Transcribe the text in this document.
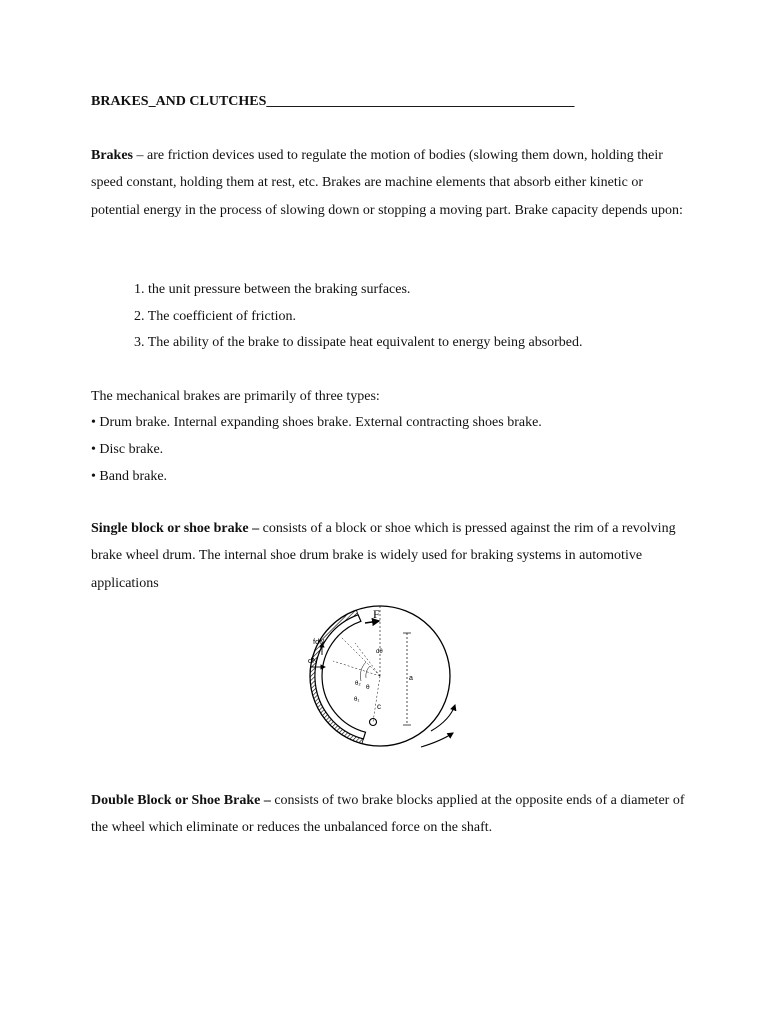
BRAKES_AND CLUTCHES____________________________________________
Brakes – are friction devices used to regulate the motion of bodies (slowing them down, holding their speed constant, holding them at rest, etc. Brakes are machine elements that absorb either kinetic or potential energy in the process of slowing down or stopping a moving part. Brake capacity depends upon:
1. the unit pressure between the braking surfaces.
2. The coefficient of friction.
3. The ability of the brake to dissipate heat equivalent to energy being absorbed.
The mechanical brakes are primarily of three types:
• Drum brake. Internal expanding shoes brake. External contracting shoes brake.
• Disc brake.
• Band brake.
Single block or shoe brake – consists of a block or shoe which is pressed against the rim of a revolving brake wheel drum. The internal shoe drum brake is widely used for braking systems in automotive applications
F
fdN
dN
dθ
θ
θ₂
θ₁
c
a
Double Block or Shoe Brake – consists of two brake blocks applied at the opposite ends of a diameter of the wheel which eliminate or reduces the unbalanced force on the shaft.
